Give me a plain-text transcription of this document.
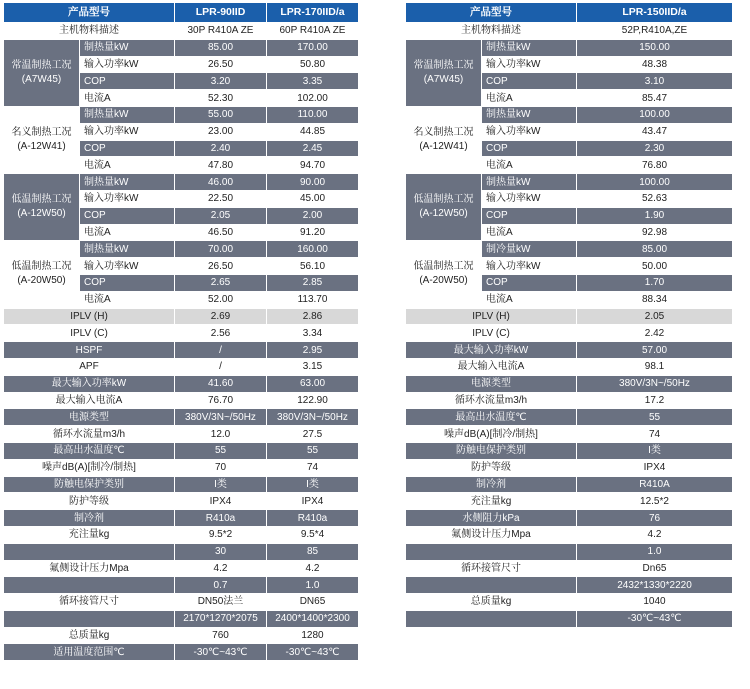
产品型号		LPR-90IID	LPR-170IID/a
主机物料描述		30P R410A ZE	60P R410A ZE
常温制热工况
(A7W45)	制热量kW	85.00	170.00
	输入功率kW	26.50	50.80
	COP	3.20	3.35
	电流A	52.30	102.00
名义制热工况
(A-12W41)	制热量kW	55.00	110.00
	输入功率kW	23.00	44.85
	COP	2.40	2.45
	电流A	47.80	94.70
低温制热工况
(A-12W50)	制热量kW	46.00	90.00
	输入功率kW	22.50	45.00
	COP	2.05	2.00
	电流A	46.50	91.20
低温制热工况
(A-20W50)	制热量kW	70.00	160.00
	输入功率kW	26.50	56.10
	COP	2.65	2.85
	电流A	52.00	113.70
IPLV (H)		2.69	2.86
IPLV (C)		2.56	3.34
HSPF		/	2.95
APF		/	3.15
最大输入功率kW		41.60	63.00
最大输入电流A		76.70	122.90
电源类型		380V/3N~/50Hz	380V/3N~/50Hz
循环水流量m3/h		12.0	27.5
最高出水温度℃		55	55
噪声dB(A)[制冷/制热]		70	74
防触电保护类别		I类	I类
防护等级		IPX4	IPX4
制冷剂		R410a	R410a
充注量kg		9.5*2	9.5*4
		30	85
氟侧设计压力Mpa		4.2	4.2
		0.7	1.0
循环接管尺寸		DN50法兰	DN65
		2170*1270*2075	2400*1400*2300
总质量kg		760	1280
适用温度范围℃		-30℃~43℃	-30℃~43℃
产品型号		LPR-150IID/a
主机物料描述		52P,R410A,ZE
常温制热工况
(A7W45)	制热量kW	150.00
	输入功率kW	48.38
	COP	3.10
	电流A	85.47
名义制热工况
(A-12W41)	制热量kW	100.00
	输入功率kW	43.47
	COP	2.30
	电流A	76.80
低温制热工况
(A-12W50)	制热量kW	100.00
	输入功率kW	52.63
	COP	1.90
	电流A	92.98
低温制热工况
(A-20W50)	制冷量kW	85.00
	输入功率kW	50.00
	COP	1.70
	电流A	88.34
IPLV (H)		2.05
IPLV (C)		2.42
最大输入功率kW		57.00
最大输入电流A		98.1
电源类型		380V/3N~/50Hz
循环水流量m3/h		17.2
最高出水温度℃		55
噪声dB(A)[制冷/制热]		74
防触电保护类别		I类
防护等级		IPX4
制冷剂		R410A
充注量kg		12.5*2
水侧阻力kPa		76
氟侧设计压力Mpa		4.2
		1.0
循环接管尺寸		Dn65
		2432*1330*2220
总质量kg		1040
		-30℃~43℃
